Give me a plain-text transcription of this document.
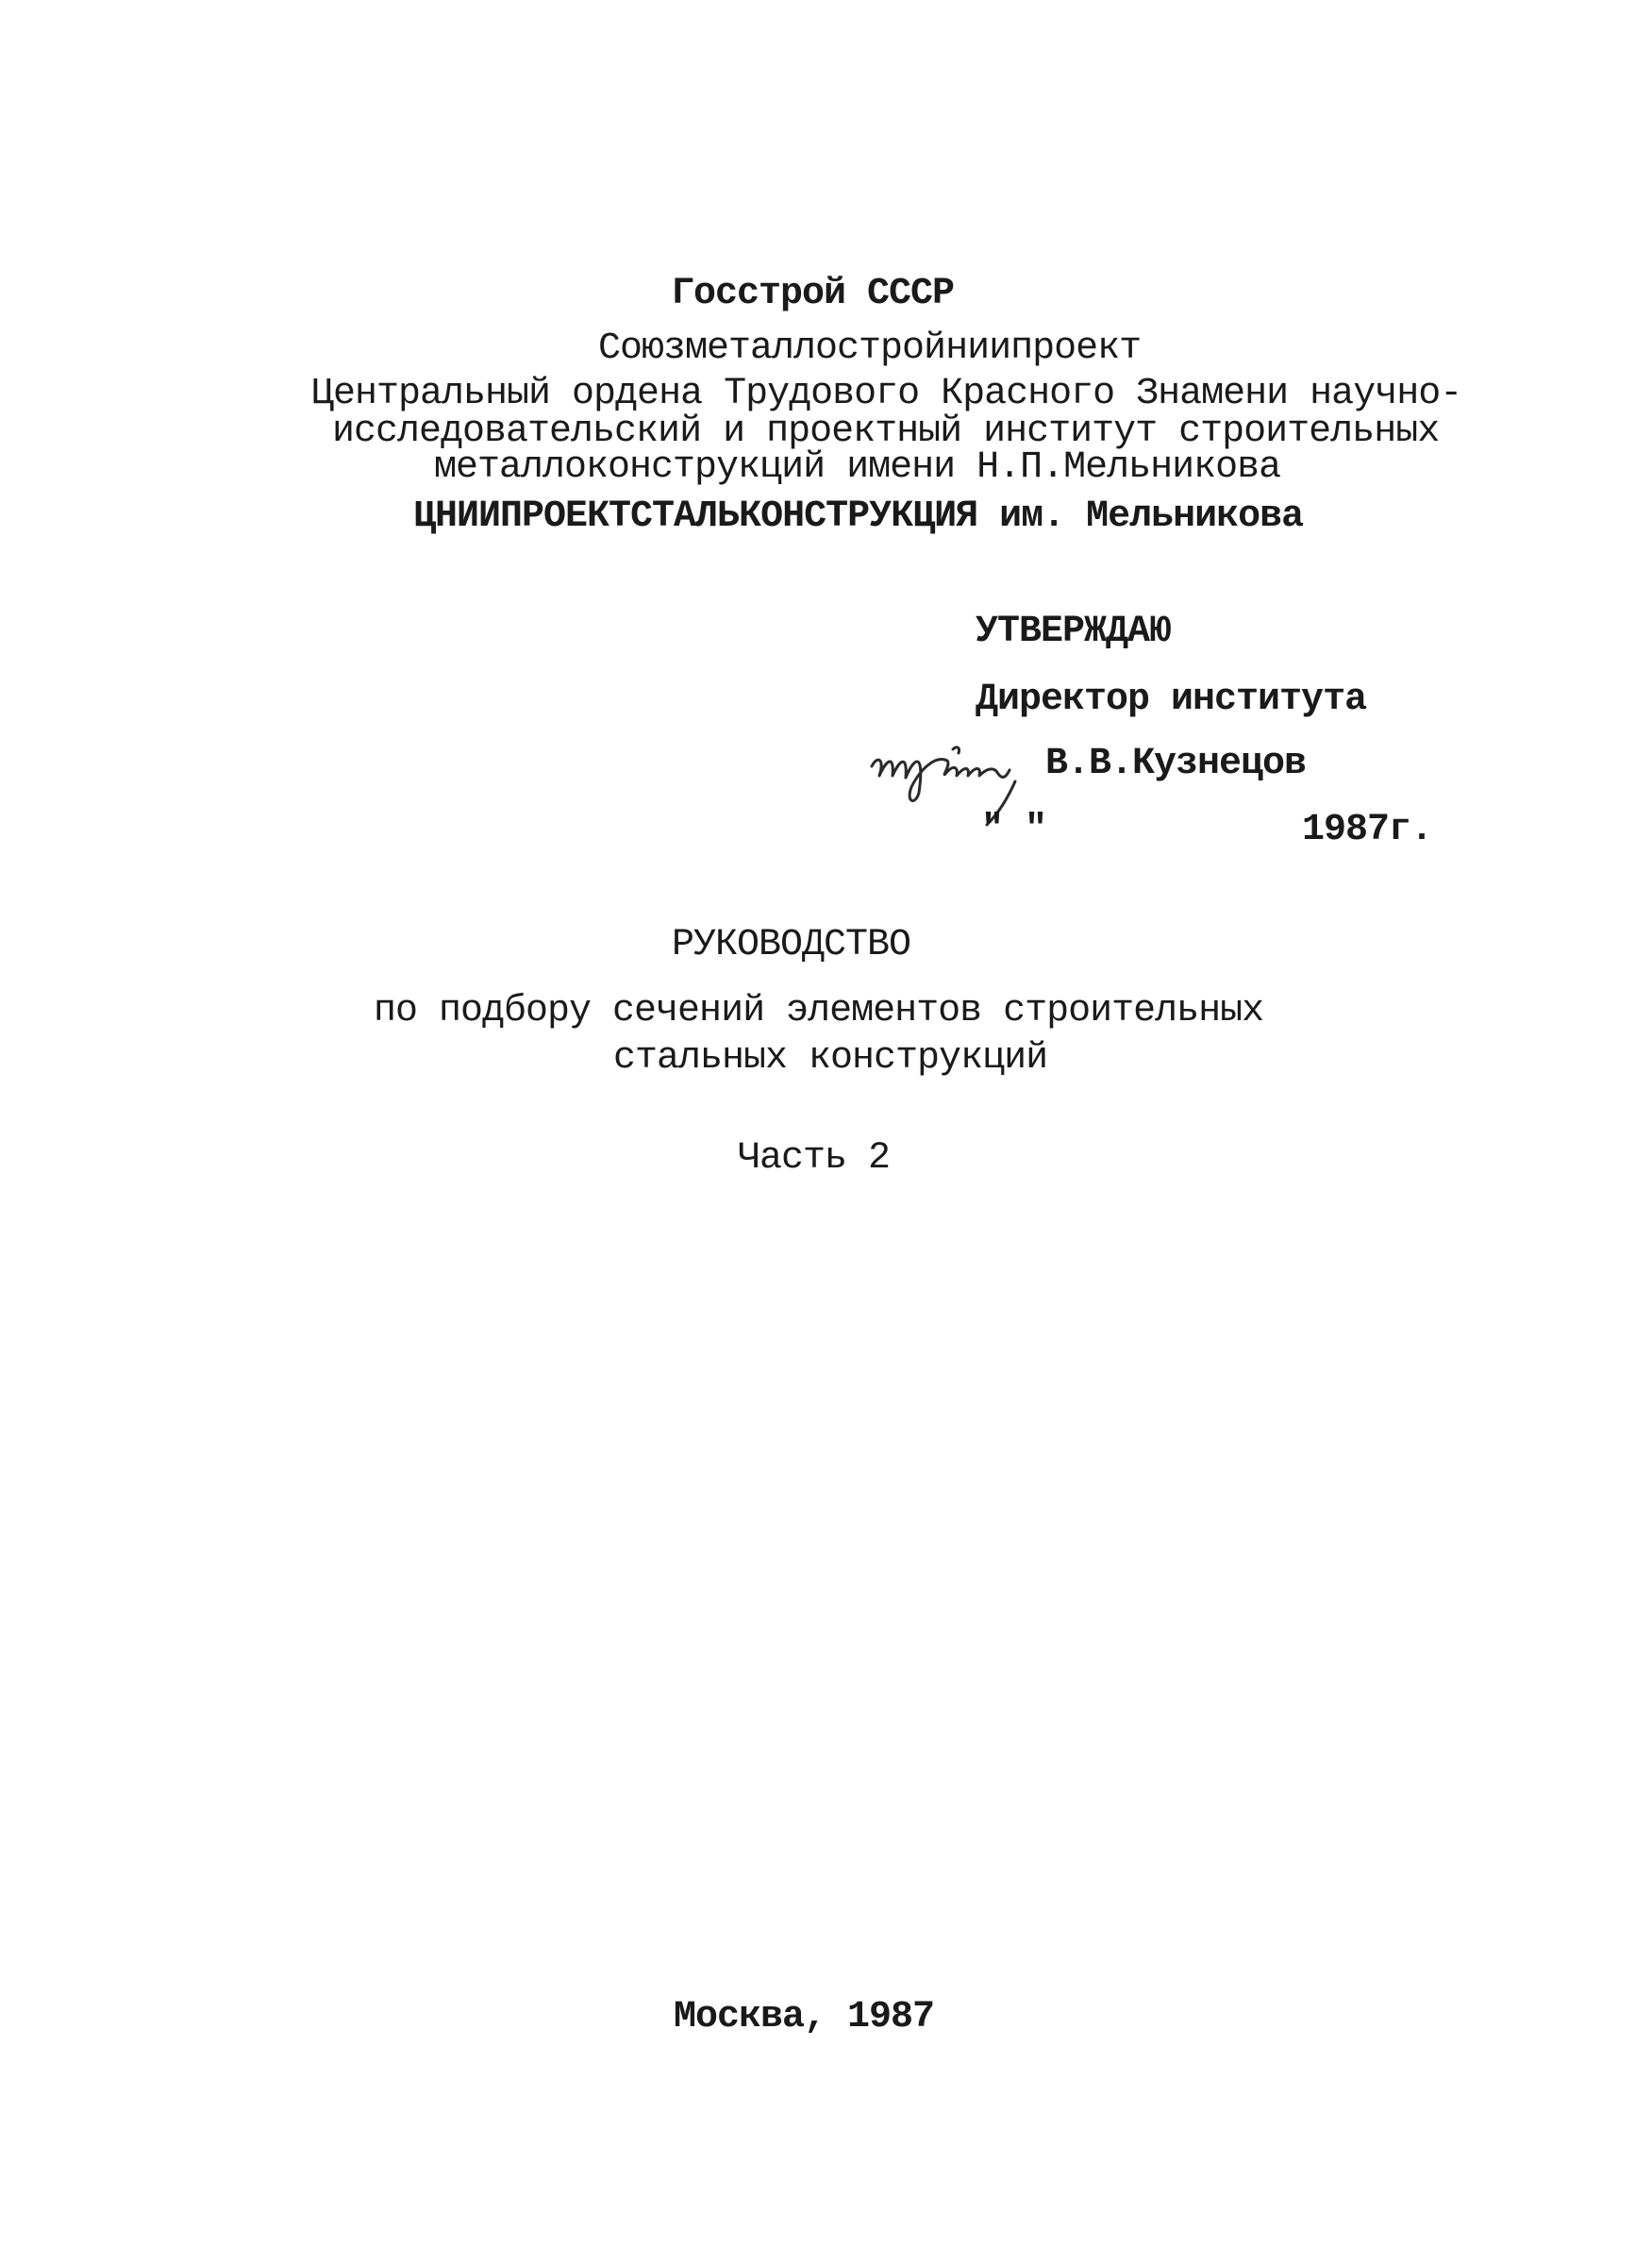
Госстрой СССР
Союзметаллостройниипроект
Центральный ордена Трудового Красного Знамени научно-
исследовательский и проектный институт строительных
металлоконструкций имени Н.П.Мельникова
ЦНИИПРОЕКТСТАЛЬКОНСТРУКЦИЯ им. Мельникова
УТВЕРЖДАЮ
Директор института
В.В.Кузнецов
" "	1987г.
РУКОВОДСТВО
по подбору сечений элементов строительных
стальных конструкций
Часть 2
Москва, 1987
